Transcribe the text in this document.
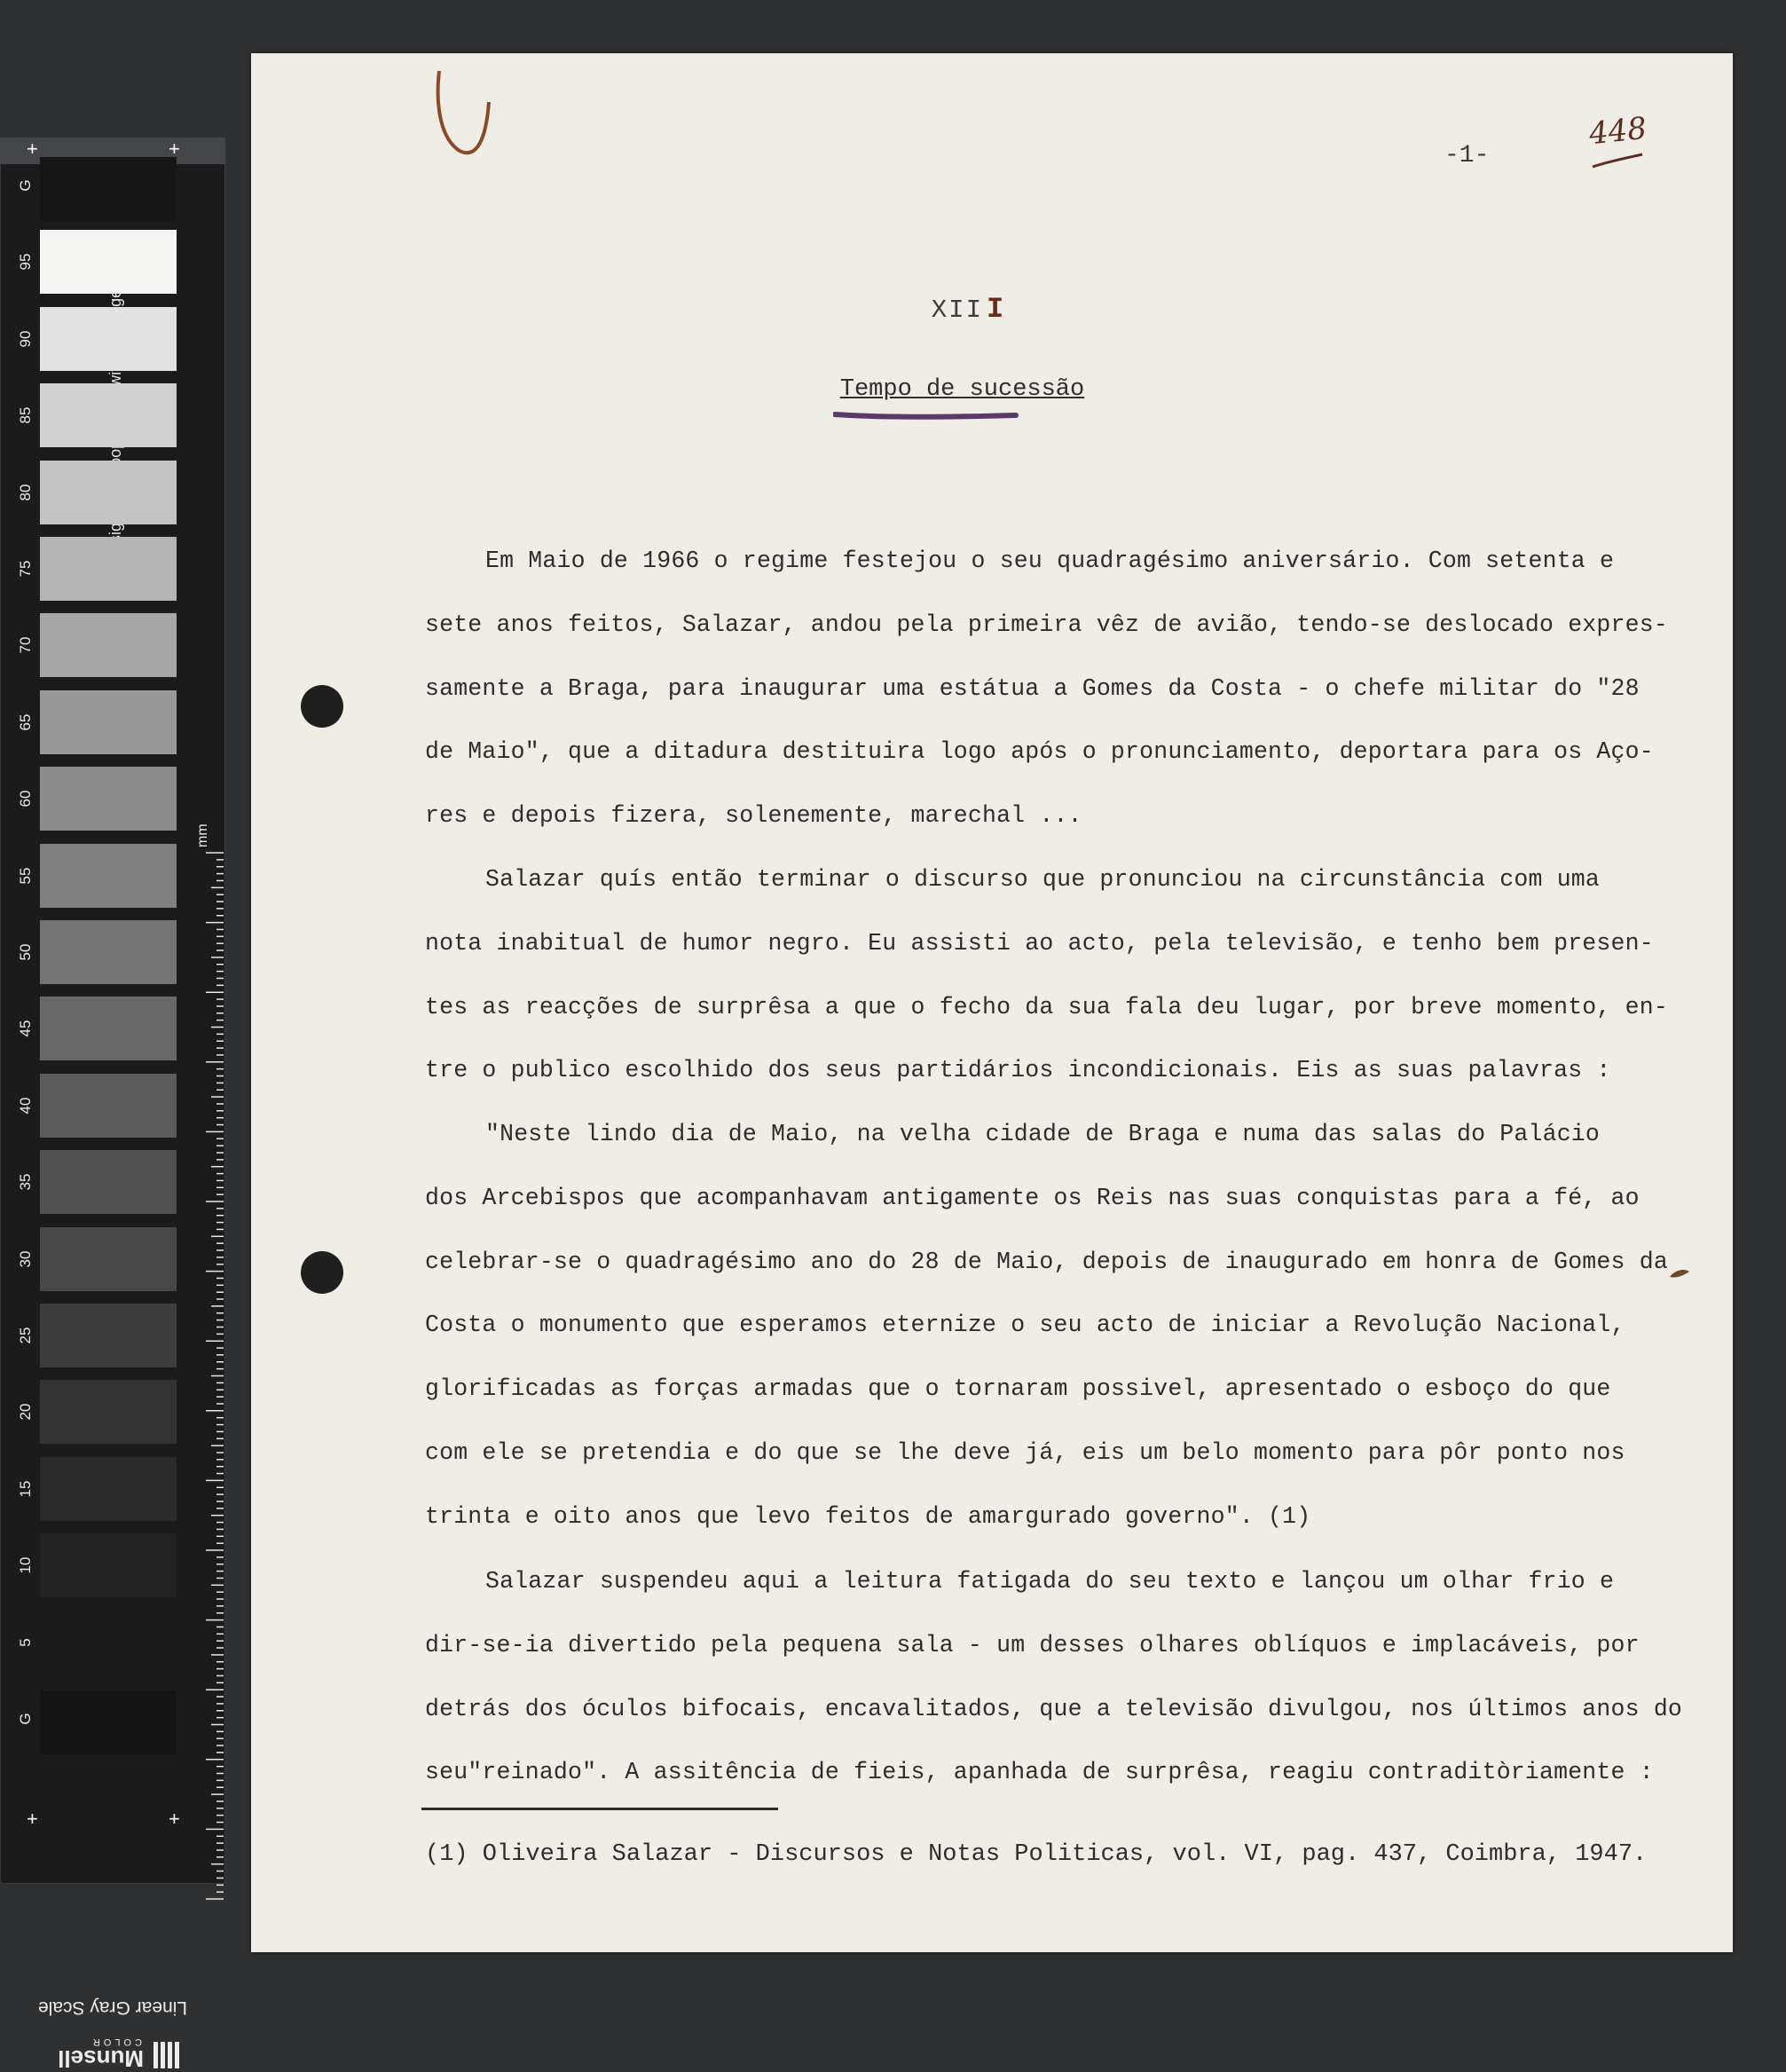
mm
Linear Gray Scale
Munsell
COLOR
G
95
90
85
80
75
70
65
60
55
50
45
40
35
30
25
20
15
10
5
G
+	+
+	+
-1-
448
XII I
Tempo de sucessão
Em Maio de 1966 o regime festejou o seu quadragésimo aniversário. Com setenta e
sete anos feitos, Salazar, andou pela primeira vêz de avião, tendo-se deslocado expres-
samente a Braga, para inaugurar uma estátua a Gomes da Costa - o chefe militar do "28
de Maio", que a ditadura destituira logo após o pronunciamento, deportara para os Aço-
res e depois fizera, solenemente, marechal ...
Salazar quís então terminar o discurso que pronunciou na circunstância com uma
nota inabitual de humor negro. Eu assisti ao acto, pela televisão, e tenho bem presen-
tes as reacções de surprêsa a que o fecho da sua fala deu lugar, por breve momento, en-
tre o publico escolhido dos seus partidários incondicionais. Eis as suas palavras :
"Neste lindo dia de Maio, na velha cidade de Braga e numa das salas do Palácio
dos Arcebispos que acompanhavam antigamente os Reis nas suas conquistas para a fé, ao
celebrar-se o quadragésimo ano do 28 de Maio, depois de inaugurado em honra de Gomes da
Costa o monumento que esperamos eternize o seu acto de iniciar a Revolução Nacional,
glorificadas as forças armadas que o tornaram possivel, apresentado o esboço do que
com ele se pretendia e do que se lhe deve já, eis um belo momento para pôr ponto nos
trinta e oito anos que levo feitos de amargurado governo". (1)
Salazar suspendeu aqui a leitura fatigada do seu texto e lançou um olhar frio e
dir-se-ia divertido pela pequena sala - um desses olhares oblíquos e implacáveis, por
detrás dos óculos bifocais, encavalitados, que a televisão divulgou, nos últimos anos do
seu"reinado". A assitência de fieis, apanhada de surprêsa, reagiu contraditòriamente :
(1) Oliveira Salazar - Discursos e Notas Politicas, vol. VI, pag. 437, Coimbra, 1947.
